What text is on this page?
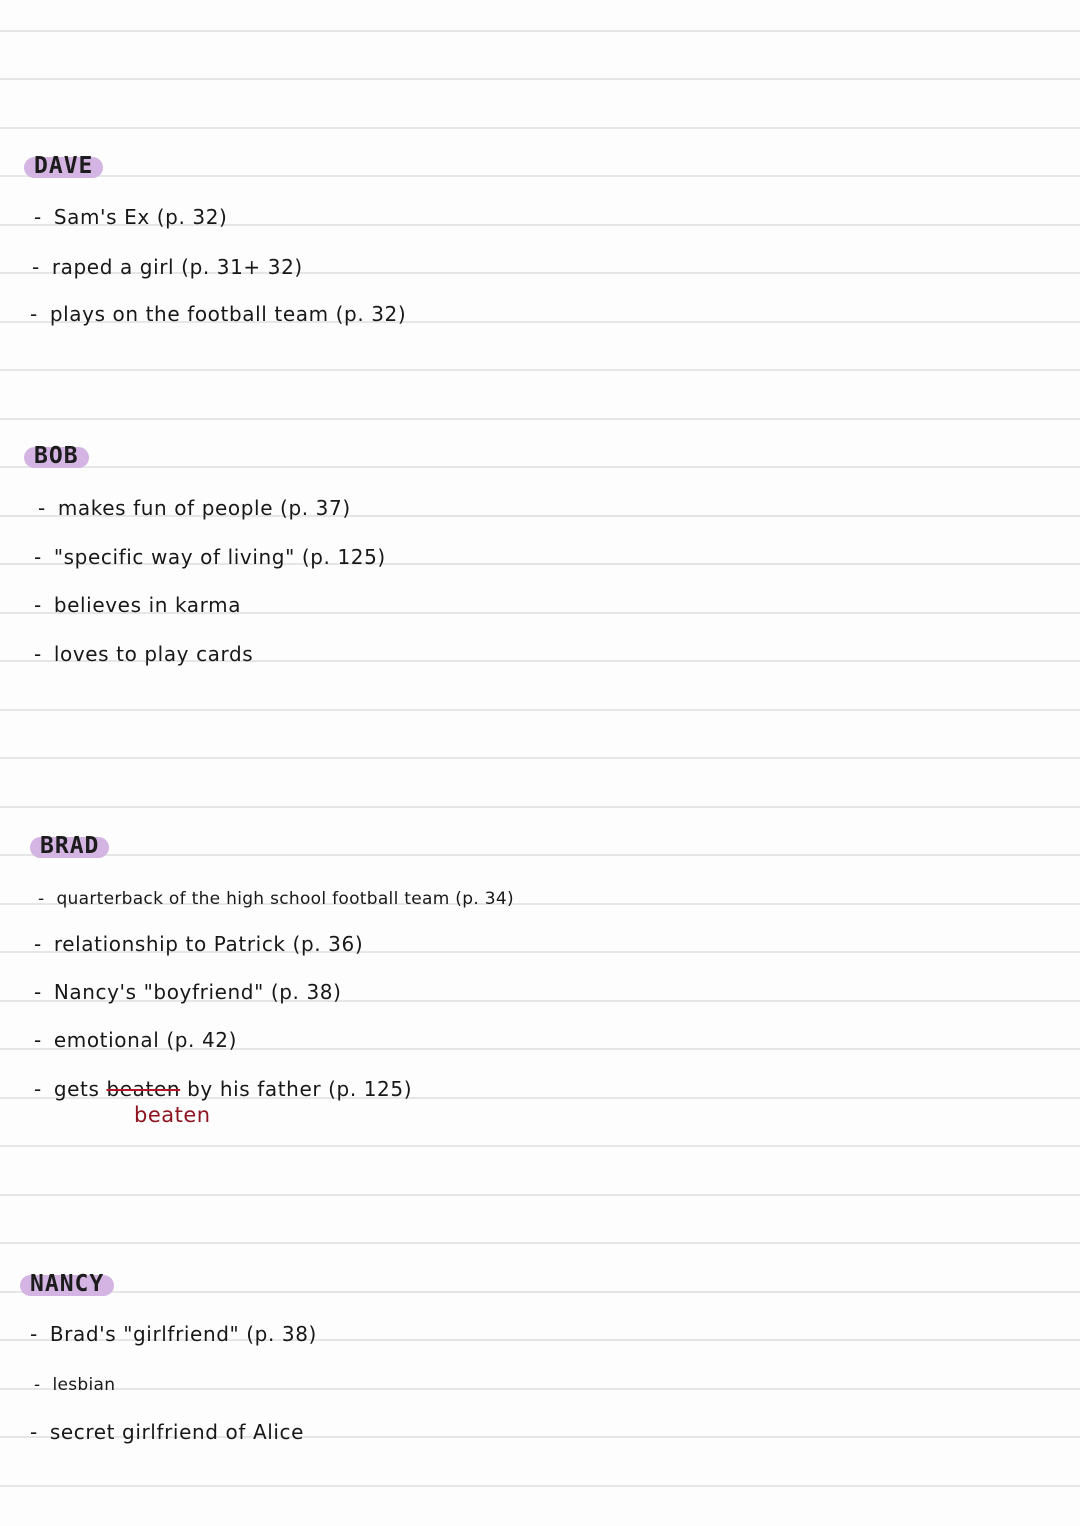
DAVE
- Sam's Ex (p. 32)
- raped a girl (p. 31+ 32)
- plays on the football team (p. 32)
BOB
- makes fun of people (p. 37)
- "specific way of living" (p. 125)
- believes in karma
- loves to play cards
BRAD
- quarterback of the high school football team (p. 34)
- relationship to Patrick (p. 36)
- Nancy's "boyfriend" (p. 38)
- emotional (p. 42)
- gets beaten by his father (p. 125)
beaten
NANCY
- Brad's "girlfriend" (p. 38)
- lesbian
- secret girlfriend of Alice
